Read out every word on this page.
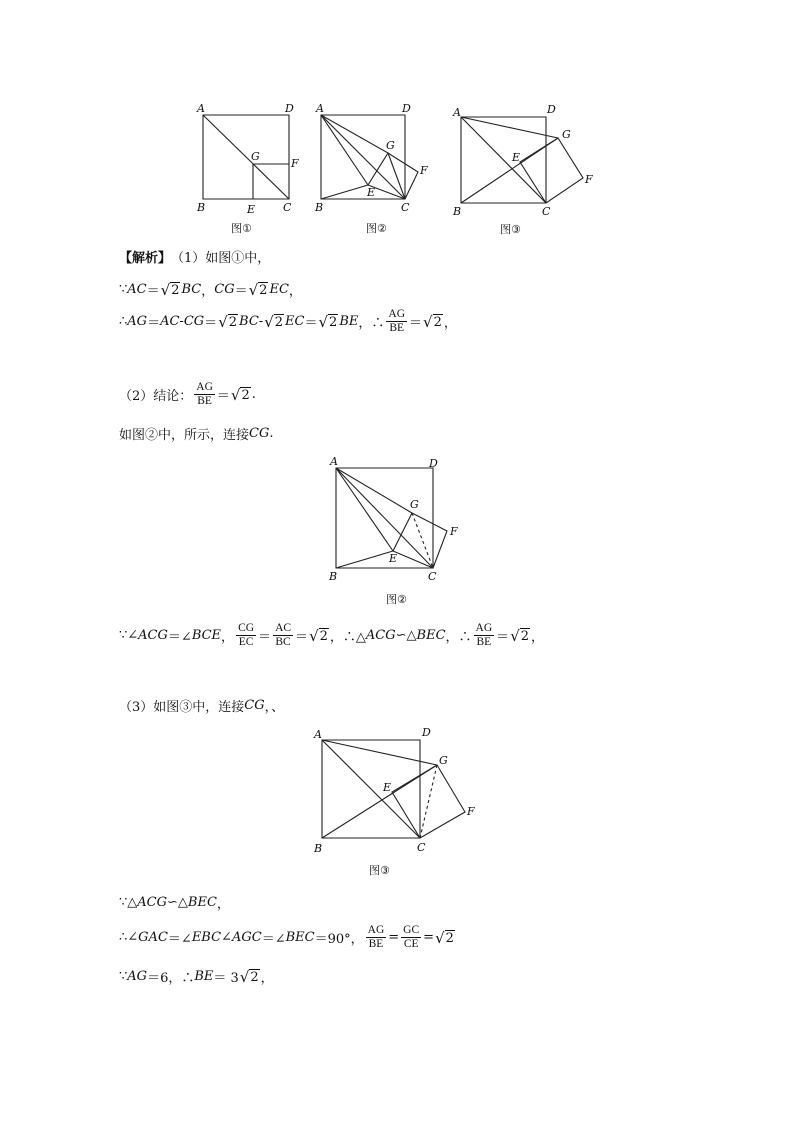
A	D
B	C
E
F
G
A	D
B	C
E
F
G
A	D
B	C
E
F
G
A	D
B	C
E
F
G
A	D
B	C
E
F
G
图①	图②	图③
图②
图③
【解析】 （1）如图①中，
∵ AC ＝ √ 2 BC ， CG ＝ √ 2 EC ，
∴ AG ＝ AC - CG ＝ √ 2 BC - √ 2 EC ＝ √ 2 BE ，∴ $\frac{AG}{BE}$ ＝ √ 2 ，
（2）结论： $\frac{AG}{BE}$ ＝ √ 2 .
如图②中，所示，连接 CG .
∵∠ ACG ＝∠ BCE ， $\frac{CG}{EC} = \frac{AC}{BC}$ ＝ √ 2 ，∴△ ACG ∽△ BEC ，∴ $\frac{AG}{BE}$ ＝ √ 2 ，
（3）如图③中，连接 CG ，、
∵△ ACG ∽△ BEC ，
∴∠ GAC ＝∠ EBC ∠ AGC ＝∠ BEC ＝90°， $\frac{AG}{BE} = \frac{GC}{CE}$ = √ 2
∵ AG ＝6，∴ BE ＝ 3 √ 2 ，
